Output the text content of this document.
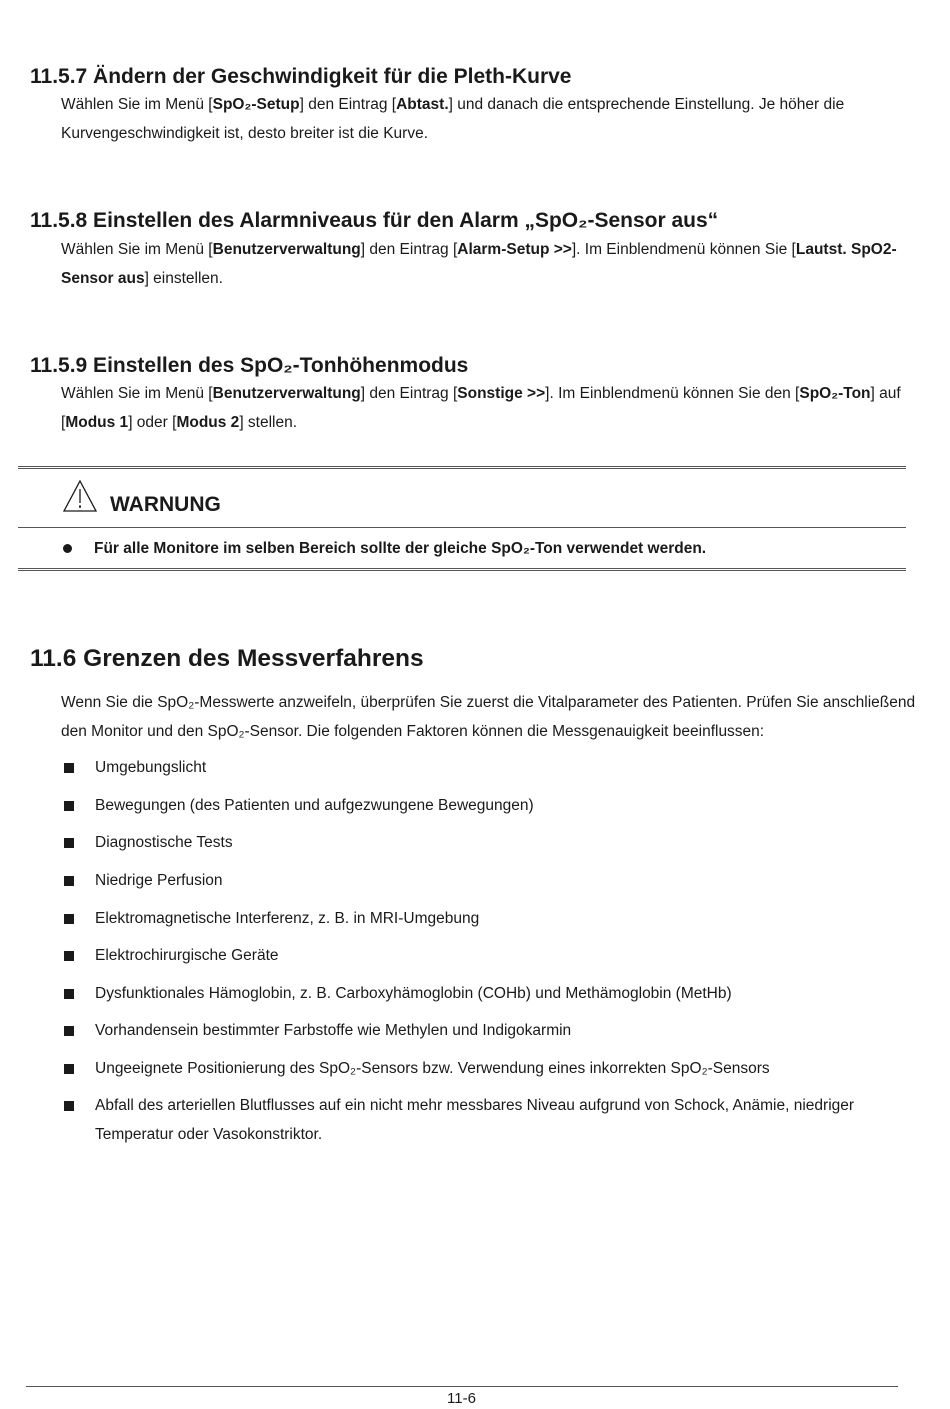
11.5.7 Ändern der Geschwindigkeit für die Pleth-Kurve

Wählen Sie im Menü [SpO₂-Setup] den Eintrag [Abtast.] und danach die entsprechende Einstellung. Je höher die Kurvengeschwindigkeit ist, desto breiter ist die Kurve.

11.5.8 Einstellen des Alarmniveaus für den Alarm „SpO₂-Sensor aus“

Wählen Sie im Menü [Benutzerverwaltung] den Eintrag [Alarm-Setup >>]. Im Einblendmenü können Sie [Lautst. SpO2-Sensor aus] einstellen.

11.5.9 Einstellen des SpO₂-Tonhöhenmodus

Wählen Sie im Menü [Benutzerverwaltung] den Eintrag [Sonstige >>]. Im Einblendmenü können Sie den [SpO₂-Ton] auf [Modus 1] oder [Modus 2] stellen.

WARNUNG
Für alle Monitore im selben Bereich sollte der gleiche SpO₂-Ton verwendet werden.
11.6 Grenzen des Messverfahrens

Wenn Sie die SpO₂-Messwerte anzweifeln, überprüfen Sie zuerst die Vitalparameter des Patienten. Prüfen Sie anschließend den Monitor und den SpO₂-Sensor. Die folgenden Faktoren können die Messgenauigkeit beeinflussen:

Umgebungslicht
Bewegungen (des Patienten und aufgezwungene Bewegungen)
Diagnostische Tests
Niedrige Perfusion
Elektromagnetische Interferenz, z. B. in MRI-Umgebung
Elektrochirurgische Geräte
Dysfunktionales Hämoglobin, z. B. Carboxyhämoglobin (COHb) und Methämoglobin (MetHb)
Vorhandensein bestimmter Farbstoffe wie Methylen und Indigokarmin
Ungeeignete Positionierung des SpO₂-Sensors bzw. Verwendung eines inkorrekten SpO₂-Sensors
Abfall des arteriellen Blutflusses auf ein nicht mehr messbares Niveau aufgrund von Schock, Anämie, niedriger Temperatur oder Vasokonstriktor.
11-6
